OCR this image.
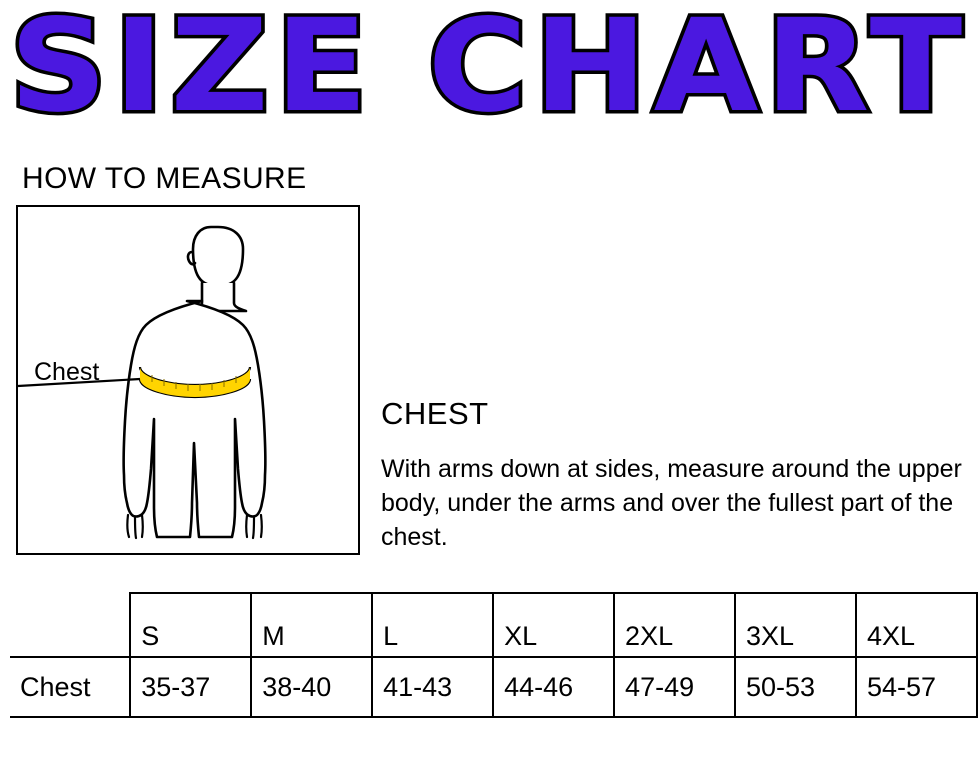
SIZE CHART
HOW TO MEASURE
Chest
CHEST
With arms down at sides, measure around the upper body, under the arms and over the fullest part of the chest.
	S	M	L	XL	2XL	3XL	4XL
Chest	35-37	38-40	41-43	44-46	47-49	50-53	54-57
